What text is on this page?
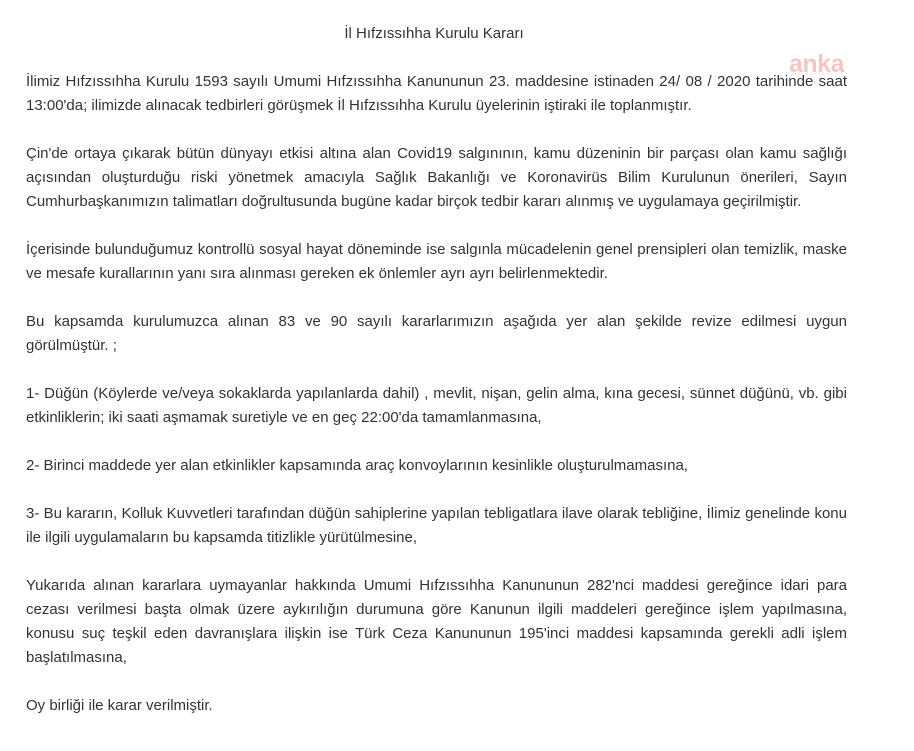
İl Hıfzıssıhha Kurulu Kararı
anka

İlimiz Hıfzıssıhha Kurulu 1593 sayılı Umumi Hıfzıssıhha Kanununun 23. maddesine istinaden 24/ 08 / 2020 tarihinde saat 13:00'da; ilimizde alınacak tedbirleri görüşmek İl Hıfzıssıhha Kurulu üyelerinin iştiraki ile toplanmıştır.

Çin'de ortaya çıkarak bütün dünyayı etkisi altına alan Covid19 salgınının, kamu düzeninin bir parçası olan kamu sağlığı açısından oluşturduğu riski yönetmek amacıyla Sağlık Bakanlığı ve Koronavirüs Bilim Kurulunun önerileri, Sayın Cumhurbaşkanımızın talimatları doğrultusunda bugüne kadar birçok tedbir kararı alınmış ve uygulamaya geçirilmiştir.

İçerisinde bulunduğumuz kontrollü sosyal hayat döneminde ise salgınla mücadelenin genel prensipleri olan temizlik, maske ve mesafe kurallarının yanı sıra alınması gereken ek önlemler ayrı ayrı belirlenmektedir.

Bu kapsamda kurulumuzca alınan 83 ve 90 sayılı kararlarımızın aşağıda yer alan şekilde revize edilmesi uygun görülmüştür. ;

1- Düğün (Köylerde ve/veya sokaklarda yapılanlarda dahil) , mevlit, nişan, gelin alma, kına gecesi, sünnet düğünü, vb. gibi etkinliklerin; iki saati aşmamak suretiyle ve en geç 22:00'da tamamlanmasına,

2- Birinci maddede yer alan etkinlikler kapsamında araç konvoylarının kesinlikle oluşturulmamasına,

3- Bu kararın, Kolluk Kuvvetleri tarafından düğün sahiplerine yapılan tebligatlara ilave olarak tebliğine, İlimiz genelinde konu ile ilgili uygulamaların bu kapsamda titizlikle yürütülmesine,

Yukarıda alınan kararlara uymayanlar hakkında Umumi Hıfzıssıhha Kanununun 282'nci maddesi gereğince idari para cezası verilmesi başta olmak üzere aykırılığın durumuna göre Kanunun ilgili maddeleri gereğince işlem yapılmasına, konusu suç teşkil eden davranışlara ilişkin ise Türk Ceza Kanununun 195'inci maddesi kapsamında gerekli adli işlem başlatılmasına,

Oy birliği ile karar verilmiştir.
